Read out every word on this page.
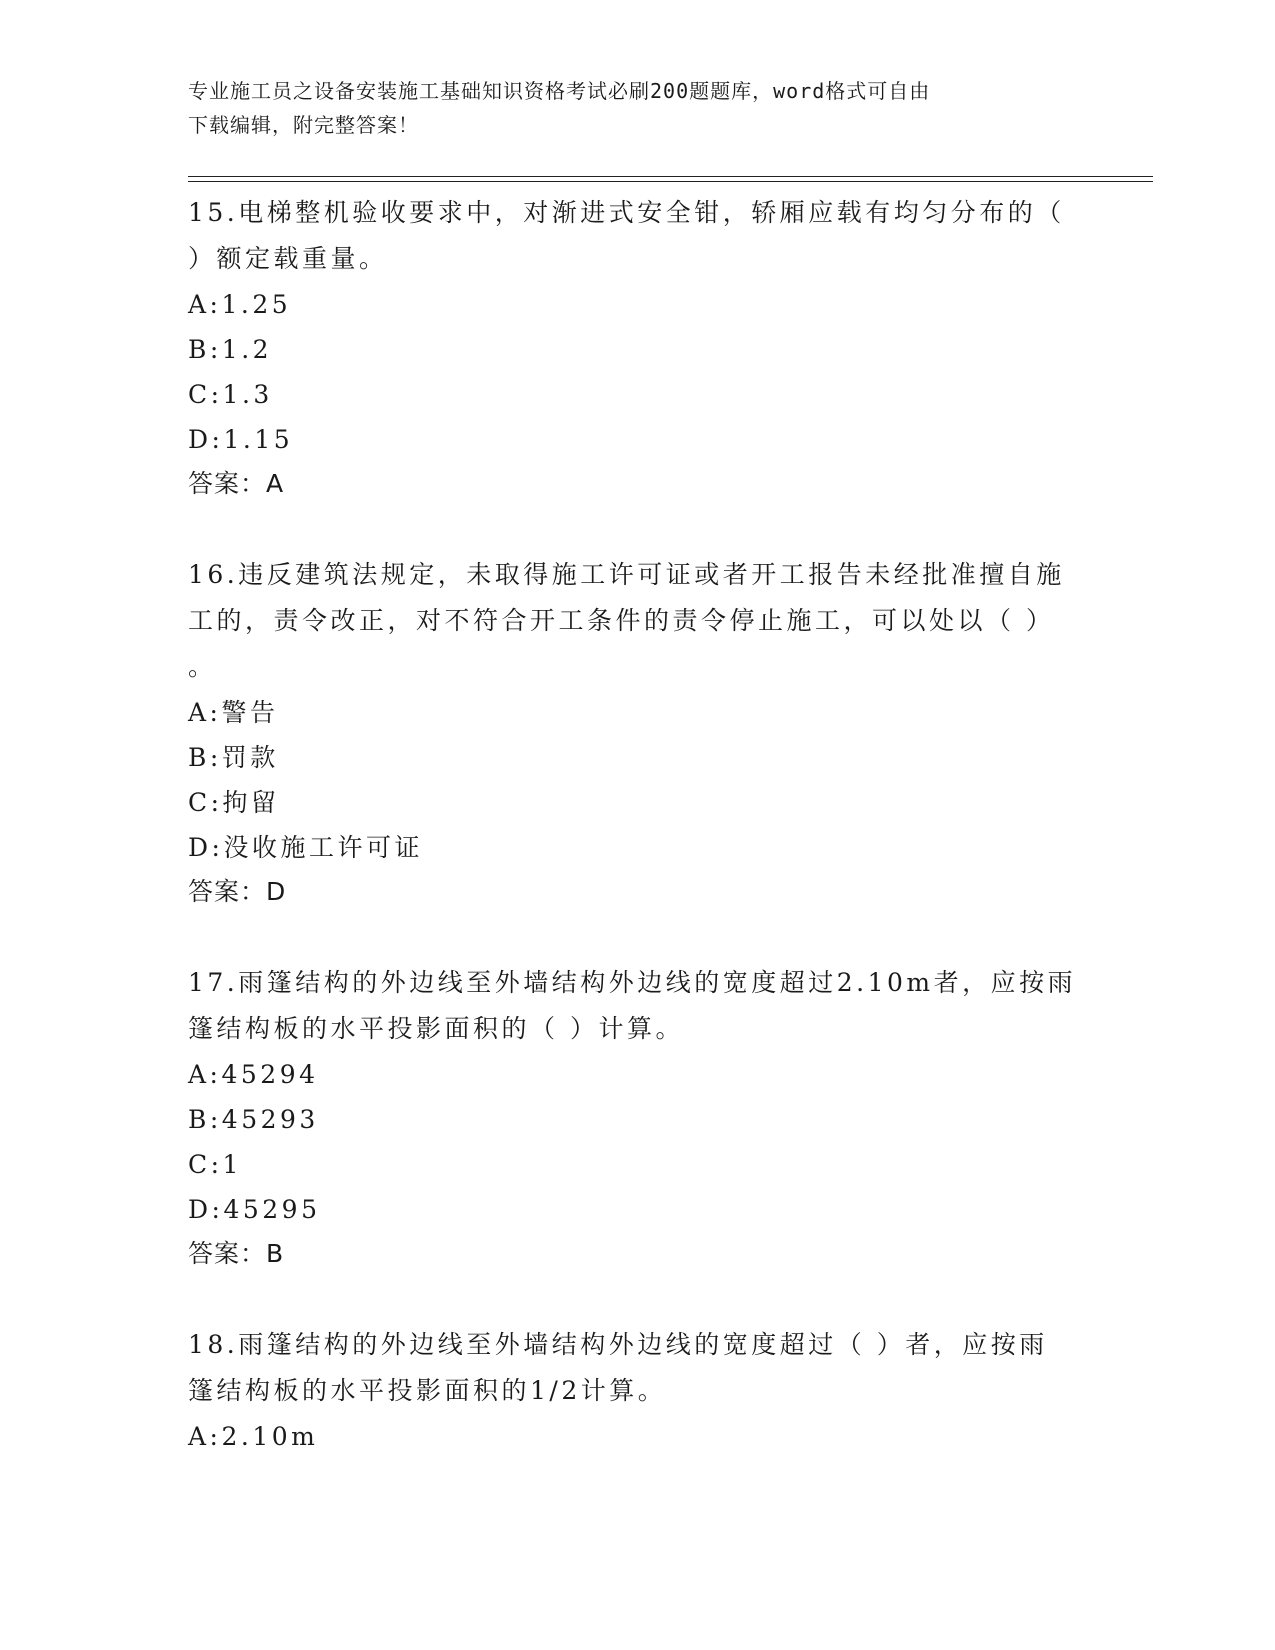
专业施工员之设备安装施工基础知识资格考试必刷200题题库，word格式可自由
下载编辑，附完整答案！
15.电梯整机验收要求中，对渐进式安全钳，轿厢应载有均匀分布的（
）额定载重量。
A:1.25
B:1.2
C:1.3
D:1.15
答案：A
16.违反建筑法规定，未取得施工许可证或者开工报告未经批准擅自施
工的，责令改正，对不符合开工条件的责令停止施工，可以处以（ ）
。
A:警告
B:罚款
C:拘留
D:没收施工许可证
答案：D
17.雨篷结构的外边线至外墙结构外边线的宽度超过2.10m者，应按雨
篷结构板的水平投影面积的（ ）计算。
A:45294
B:45293
C:1
D:45295
答案：B
18.雨篷结构的外边线至外墙结构外边线的宽度超过（ ）者，应按雨
篷结构板的水平投影面积的1/2计算。
A:2.10m
